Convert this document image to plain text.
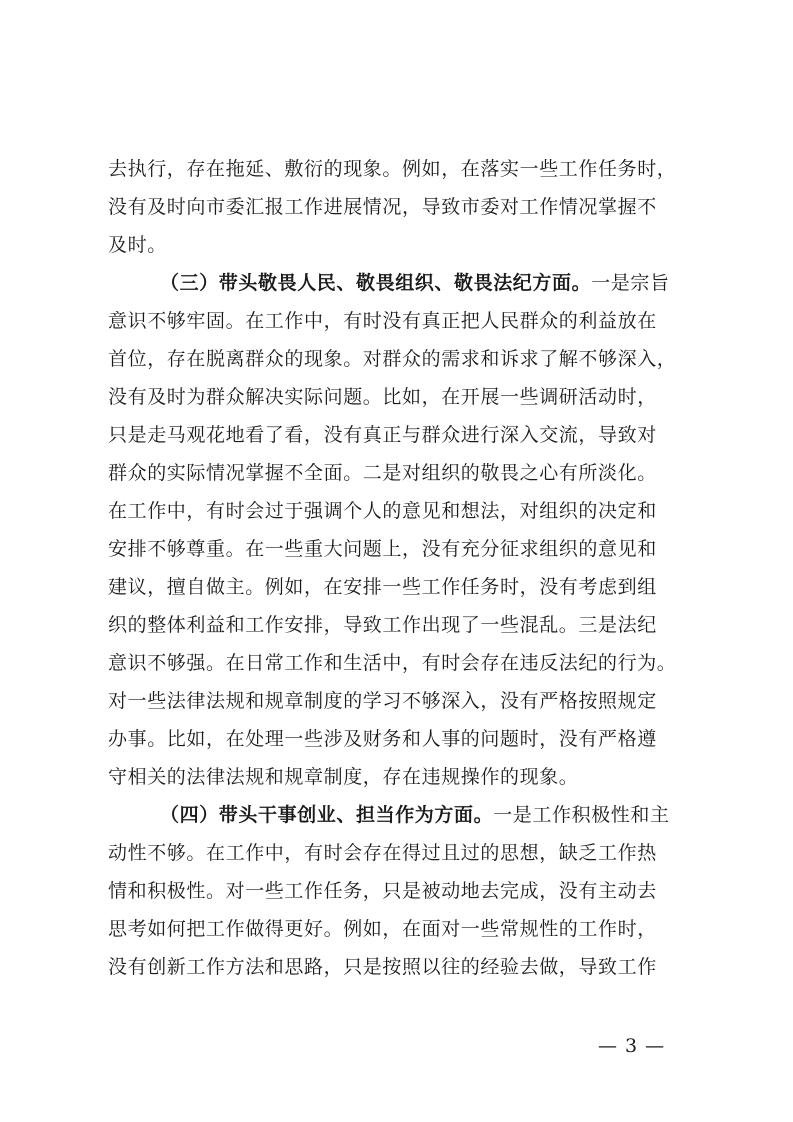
去执行，存在拖延、敷衍的现象。例如，在落实一些工作任务时，
没有及时向市委汇报工作进展情况，导致市委对工作情况掌握不
及时。
（三）带头敬畏人民、敬畏组织、敬畏法纪方面。一是宗旨
意识不够牢固。在工作中，有时没有真正把人民群众的利益放在
首位，存在脱离群众的现象。对群众的需求和诉求了解不够深入，
没有及时为群众解决实际问题。比如，在开展一些调研活动时，
只是走马观花地看了看，没有真正与群众进行深入交流，导致对
群众的实际情况掌握不全面。二是对组织的敬畏之心有所淡化。
在工作中，有时会过于强调个人的意见和想法，对组织的决定和
安排不够尊重。在一些重大问题上，没有充分征求组织的意见和
建议，擅自做主。例如，在安排一些工作任务时，没有考虑到组
织的整体利益和工作安排，导致工作出现了一些混乱。三是法纪
意识不够强。在日常工作和生活中，有时会存在违反法纪的行为。
对一些法律法规和规章制度的学习不够深入，没有严格按照规定
办事。比如，在处理一些涉及财务和人事的问题时，没有严格遵
守相关的法律法规和规章制度，存在违规操作的现象。
（四）带头干事创业、担当作为方面。一是工作积极性和主
动性不够。在工作中，有时会存在得过且过的思想，缺乏工作热
情和积极性。对一些工作任务，只是被动地去完成，没有主动去
思考如何把工作做得更好。例如，在面对一些常规性的工作时，
没有创新工作方法和思路，只是按照以往的经验去做，导致工作
— 3 —
